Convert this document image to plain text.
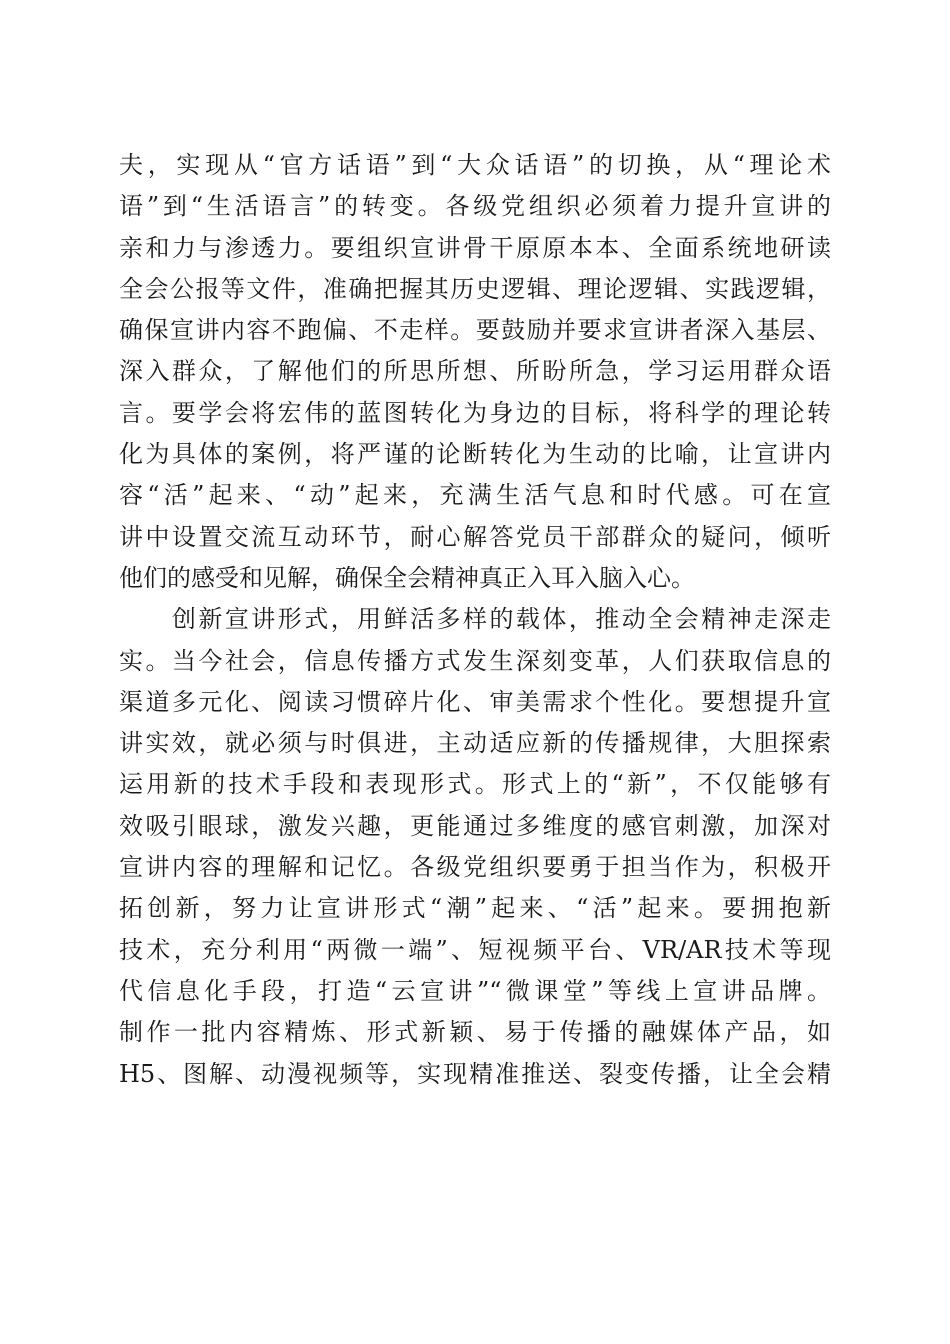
夫，实现从“官方话语”到“大众话语”的切换，从“理论术
语”到“生活语言”的转变。各级党组织必须着力提升宣讲的
亲和力与渗透力。要组织宣讲骨干原原本本、全面系统地研读
全会公报等文件，准确把握其历史逻辑、理论逻辑、实践逻辑，
确保宣讲内容不跑偏、不走样。要鼓励并要求宣讲者深入基层、
深入群众，了解他们的所思所想、所盼所急，学习运用群众语
言。要学会将宏伟的蓝图转化为身边的目标，将科学的理论转
化为具体的案例，将严谨的论断转化为生动的比喻，让宣讲内
容“活”起来、“动”起来，充满生活气息和时代感。可在宣
讲中设置交流互动环节，耐心解答党员干部群众的疑问，倾听
他们的感受和见解，确保全会精神真正入耳入脑入心。
　　创新宣讲形式，用鲜活多样的载体，推动全会精神走深走
实。当今社会，信息传播方式发生深刻变革，人们获取信息的
渠道多元化、阅读习惯碎片化、审美需求个性化。要想提升宣
讲实效，就必须与时俱进，主动适应新的传播规律，大胆探索
运用新的技术手段和表现形式。形式上的“新”，不仅能够有
效吸引眼球，激发兴趣，更能通过多维度的感官刺激，加深对
宣讲内容的理解和记忆。各级党组织要勇于担当作为，积极开
拓创新，努力让宣讲形式“潮”起来、“活”起来。要拥抱新
技术，充分利用“两微一端”、短视频平台、VR/AR技术等现
代信息化手段，打造“云宣讲”“微课堂”等线上宣讲品牌。
制作一批内容精炼、形式新颖、易于传播的融媒体产品，如
H5、图解、动漫视频等，实现精准推送、裂变传播，让全会精
